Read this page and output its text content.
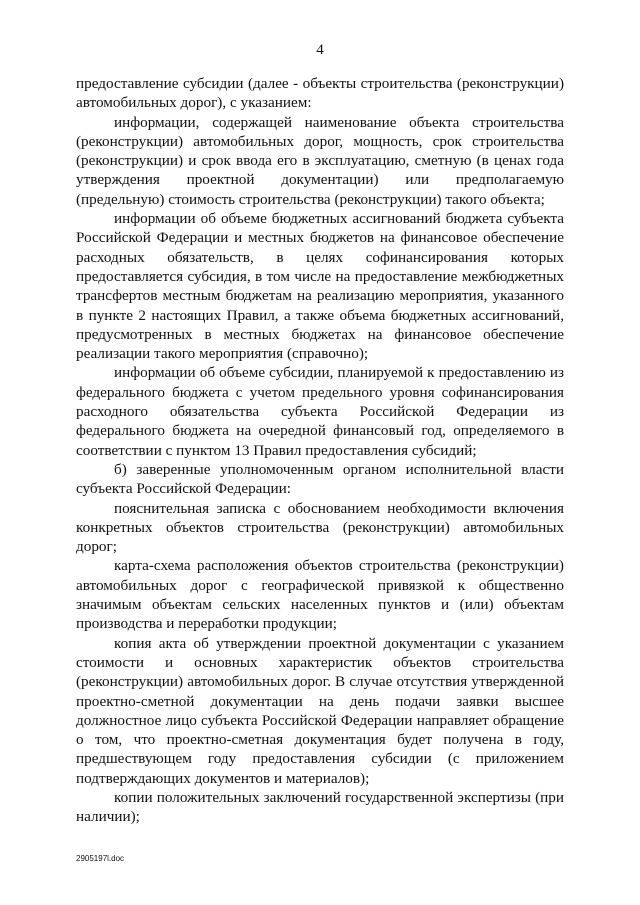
4

предоставление субсидии (далее - объекты строительства (реконструкции) автомобильных дорог), с указанием:

информации, содержащей наименование объекта строительства (реконструкции) автомобильных дорог, мощность, срок строительства (реконструкции) и срок ввода его в эксплуатацию, сметную (в ценах года утверждения проектной документации) или предполагаемую (предельную) стоимость строительства (реконструкции) такого объекта;

информации об объеме бюджетных ассигнований бюджета субъекта Российской Федерации и местных бюджетов на финансовое обеспечение расходных обязательств, в целях софинансирования которых предоставляется субсидия, в том числе на предоставление межбюджетных трансфертов местным бюджетам на реализацию мероприятия, указанного в пункте 2 настоящих Правил, а также объема бюджетных ассигнований, предусмотренных в местных бюджетах на финансовое обеспечение реализации такого мероприятия (справочно);

информации об объеме субсидии, планируемой к предоставлению из федерального бюджета с учетом предельного уровня софинансирования расходного обязательства субъекта Российской Федерации из федерального бюджета на очередной финансовый год, определяемого в соответствии с пунктом 13 Правил предоставления субсидий;

б) заверенные уполномоченным органом исполнительной власти субъекта Российской Федерации:

пояснительная записка с обоснованием необходимости включения конкретных объектов строительства (реконструкции) автомобильных дорог;

карта-схема расположения объектов строительства (реконструкции) автомобильных дорог с географической привязкой к общественно значимым объектам сельских населенных пунктов и (или) объектам производства и переработки продукции;

копия акта об утверждении проектной документации с указанием стоимости и основных характеристик объектов строительства (реконструкции) автомобильных дорог. В случае отсутствия утвержденной проектно-сметной документации на день подачи заявки высшее должностное лицо субъекта Российской Федерации направляет обращение о том, что проектно-сметная документация будет получена в году, предшествующем году предоставления субсидии (с приложением подтверждающих документов и материалов);

копии положительных заключений государственной экспертизы (при наличии);

2905197l.doc
